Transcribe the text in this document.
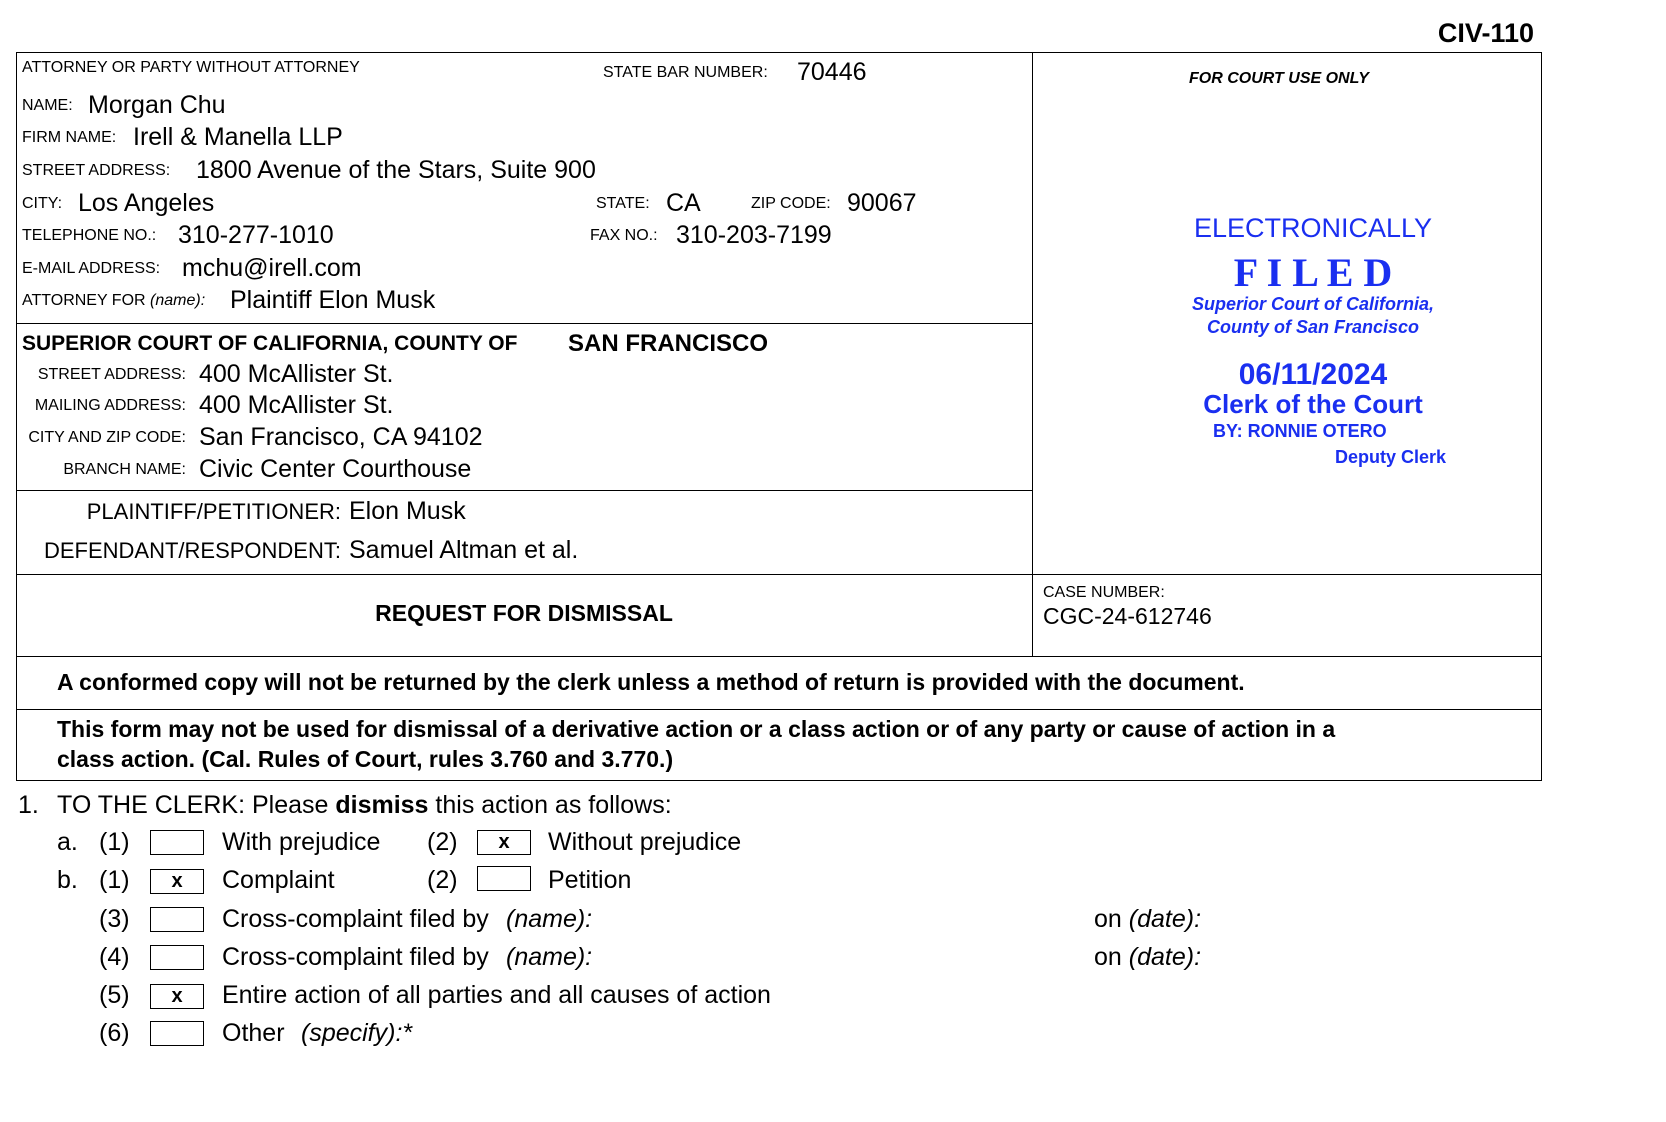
CIV-110
ATTORNEY OR PARTY WITHOUT ATTORNEY	STATE BAR NUMBER: 70446
NAME: Morgan Chu
FIRM NAME: Irell & Manella LLP
STREET ADDRESS: 1800 Avenue of the Stars, Suite 900
CITY: Los Angeles	STATE: CA	ZIP CODE: 90067
TELEPHONE NO.: 310-277-1010	FAX NO.: 310-203-7199
E-MAIL ADDRESS: mchu@irell.com
ATTORNEY FOR (name): Plaintiff Elon Musk
SUPERIOR COURT OF CALIFORNIA, COUNTY OF SAN FRANCISCO
STREET ADDRESS: 400 McAllister St.
MAILING ADDRESS: 400 McAllister St.
CITY AND ZIP CODE: San Francisco, CA 94102
BRANCH NAME: Civic Center Courthouse
PLAINTIFF/PETITIONER: Elon Musk
DEFENDANT/RESPONDENT: Samuel Altman et al.
FOR COURT USE ONLY
ELECTRONICALLY
F I L E D
Superior Court of California,
County of San Francisco
06/11/2024
Clerk of the Court
BY: RONNIE OTERO
Deputy Clerk
REQUEST FOR DISMISSAL
CASE NUMBER:
CGC-24-612746
A conformed copy will not be returned by the clerk unless a method of return is provided with the document.
This form may not be used for dismissal of a derivative action or a class action or of any party or cause of action in a
class action. (Cal. Rules of Court, rules 3.760 and 3.770.)
1. TO THE CLERK: Please dismiss this action as follows:
a. (1)	With prejudice (2)	x	Without prejudice
b. (1)	x	Complaint	(2)	Petition
(3)	Cross-complaint filed by (name):	on (date):
(4)	Cross-complaint filed by (name):	on (date):
(5)	x	Entire action of all parties and all causes of action
(6)	Other (specify):*
